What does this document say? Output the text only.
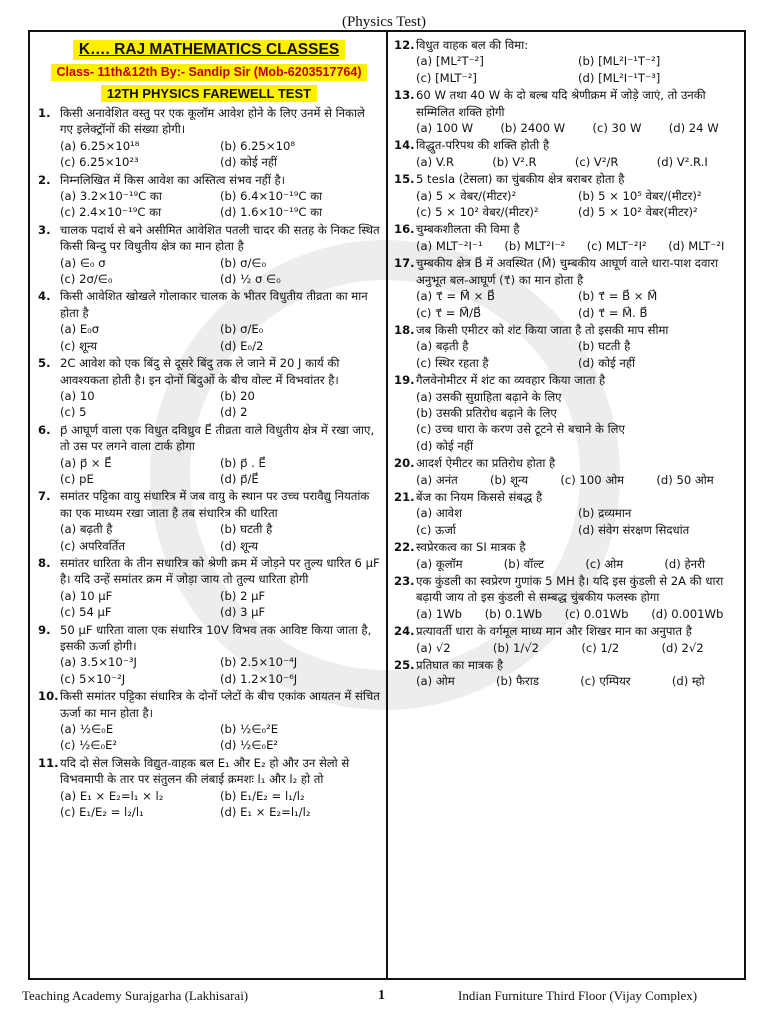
(Physics Test)
K…. RAJ MATHEMATICS CLASSES
Class- 11th&12th By:- Sandip Sir (Mob-6203517764)
12TH PHYSICS FAREWELL TEST
1. किसी अनावेशित वस्तु पर एक कूलॉम आवेश होने के लिए उनमें से निकाले गए इलेक्ट्रॉनों की संख्या होगी।
(a) 6.25×10¹⁸	(b) 6.25×10⁸
(c) 6.25×10²³	(d) कोई नहीं
2. निम्नलिखित में किस आवेश का अस्तित्व संभव नहीं है।
(a) 3.2×10⁻¹⁹C का	(b) 6.4×10⁻¹⁹C का
(c) 2.4×10⁻¹⁹C का	(d) 1.6×10⁻¹⁹C का
3. चालक पदार्थ से बने असीमित आवेशित पतली चादर की सतह के निकट स्थित किसी बिन्दु पर विधुतीय क्षेत्र का मान होता है
(a) ∈₀ σ	(b) σ/∈₀
(c) 2σ/∈₀	(d) ½ σ ∈₀
4. किसी आवेशित खोखले गोलाकार चालक के भीतर विधुतीय तीव्रता का मान होता है
(a) E₀σ	(b) σ/E₀
(c) शून्य	(d) E₀/2
5. 2C आवेश को एक बिंदु से दूसरे बिंदु तक ले जाने में 20 J कार्य की आवश्यकता होती है। इन दोनों बिंदुओं के बीच वोल्ट में विभवांतर है।
(a) 10	(b) 20
(c) 5	(d) 2
6. p⃗ आघूर्ण वाला एक विधुत दविध्रुव E⃗ तीव्रता वाले विधुतीय क्षेत्र में रखा जाए, तो उस पर लगने वाला टार्क होगा
(a) p⃗ × E⃗	(b) p⃗ . E⃗
(c) pE	(d) p⃗/E⃗
7. समांतर पट्टिका वायु संधारित्र में जब वायु के स्थान पर उच्च परावैद्यु नियतांक का एक माध्यम रखा जाता है तब संधारित्र की धारिता
(a) बढ़ती है	(b) घटती है
(c) अपरिवर्तित	(d) शून्य
8. समांतर धारिता के तीन सधारित्र को श्रेणी क्रम में जोड़ने पर तुल्य धारित 6 μF है। यदि उन्हें समांतर क्रम में जोड़ा जाय तो तुल्य धारिता होगी
(a) 10 μF	(b) 2 μF
(c) 54 μF	(d) 3 μF
9. 50 μF धारिता वाला एक संधारित्र 10V विभव तक आविष्ट किया जाता है, इसकी ऊर्जा होगी।
(a) 3.5×10⁻³J	(b) 2.5×10⁻⁴J
(c) 5×10⁻²J	(d) 1.2×10⁻⁶J
10. किसी समांतर पट्टिका संधारित्र के दोनों प्लेटों के बीच एकांक आयतन में संचित ऊर्जा का मान होता है।
(a) ½∈₀E	(b) ½∈₀²E
(c) ½∈₀E²	(d) ½∈₀E²
11. यदि दो सेल जिसके विद्युत-वाहक बल E₁ और E₂ हो और उन सेलो से विभवमापी के तार पर संतुलन की लंबाई क्रमशः l₁ और l₂ हो तो
(a) E₁ × E₂=l₁ × l₂	(b) E₁/E₂ = l₁/l₂
(c) E₁/E₂ = l₂/l₁	(d) E₁ × E₂=l₁/l₂
12. विधुत वाहक बल की विमा:
(a) [ML²T⁻²]	(b) [ML²I⁻¹T⁻²]
(c) [MLT⁻²]	(d) [ML²I⁻¹T⁻³]
13. 60 W तथा 40 W के दो बल्ब यदि श्रेणीक्रम में जोड़े जाएं, तो उनकी सम्मिलित शक्ति होगी
(a) 100 W	(b) 2400 W	(c) 30 W	(d) 24 W
14. विद्धुत-परिपथ की शक्ति होती है
(a) V.R	(b) V².R	(c) V²/R	(d) V².R.I
15. 5 tesla (टेसला) का चुंबकीय क्षेत्र बराबर होता है
(a) 5 × वेबर/(मीटर)²	(b) 5 × 10⁵ वेबर/(मीटर)²
(c) 5 × 10² वेबर/(मीटर)²	(d) 5 × 10² वेबर(मीटर)²
16. चुम्बकशीलता की विमा है
(a) MLT⁻²I⁻¹	(b) MLT²I⁻²	(c) MLT⁻²I²	(d) MLT⁻²I
17. चुम्बकीय क्षेत्र B⃗ में अवस्थित (M⃗) चुम्बकीय आघूर्ण वाले धारा-पाश दवारा अनुभूत बल-आघूर्ण (τ⃗) का मान होता है
(a) τ⃗ = M⃗ × B⃗	(b) τ⃗ = B⃗ × M⃗
(c) τ⃗ = M⃗/B⃗	(d) τ⃗ = M⃗. B⃗
18. जब किसी एमीटर को शंट किया जाता है तो इसकी माप सीमा
(a) बढ़ती है	(b) घटती है
(c) स्थिर रहता है	(d) कोई नहीं
19. गैलवेनोमीटर में शंट का व्यवहार किया जाता है
(a) उसकी सुग्राहिता बढ़ाने के लिए
(b) उसकी प्रतिरोध बढ़ाने के लिए
(c) उच्च धारा के करण उसे टूटने से बचाने के लिए
(d) कोई नहीं
20. आदर्श ऐमीटर का प्रतिरोध होता है
(a) अनंत	(b) शून्य	(c) 100 ओम	(d) 50 ओम
21. बेंज का नियम किससे संबद्ध है
(a) आवेश	(b) द्रव्यमान
(c) ऊर्जा	(d) संवेग संरक्षण सिदधांत
22. स्वप्रेरकत्व का SI मात्रक है
(a) कूलॉम	(b) वॉल्ट	(c) ओम	(d) हेनरी
23. एक कुंडली का स्वप्रेरण गुणांक 5 MH है। यदि इस कुंडली से 2A की धारा बढ़ायी जाय तो इस कुंडली से सम्बद्ध चुंबकीय फलस्क होगा
(a) 1Wb	(b) 0.1Wb	(c) 0.01Wb	(d) 0.001Wb
24. प्रत्यावर्ती धारा के वर्गमूल माध्य मान और शिखर मान का अनुपात है
(a) √2	(b) 1/√2	(c) 1/2	(d) 2√2
25. प्रतिघात का मात्रक है
(a) ओम	(b) फैराड	(c) एम्पियर	(d) म्हो
Teaching Academy Surajgarha (Lakhisarai)	1	Indian Furniture Third Floor (Vijay Complex)
